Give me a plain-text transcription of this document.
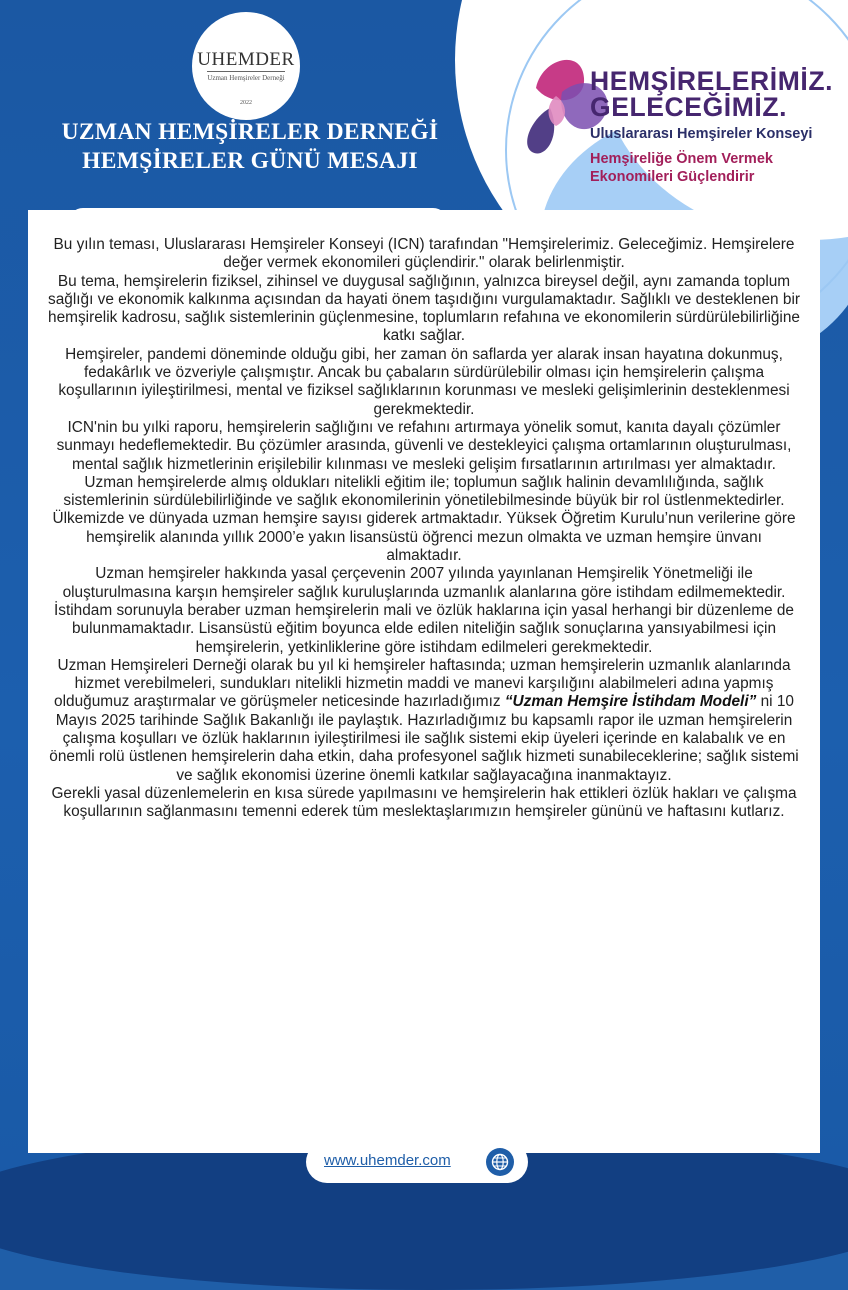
UHEMDER
Uzman Hemşireler Derneği
2022
UZMAN HEMŞİRELER DERNEĞİ
HEMŞİRELER GÜNÜ MESAJI
HEMŞİRELERİMİZ.
GELECEĞİMİZ.
Uluslararası Hemşireler Konseyi
Hemşireliğe Önem Vermek
Ekonomileri Güçlendirir

Bu yılın teması, Uluslararası Hemşireler Konseyi (ICN) tarafından "Hemşirelerimiz. Geleceğimiz. Hemşirelere değer vermek ekonomileri güçlendirir." olarak belirlenmiştir.

Bu tema, hemşirelerin fiziksel, zihinsel ve duygusal sağlığının, yalnızca bireysel değil, aynı zamanda toplum sağlığı ve ekonomik kalkınma açısından da hayati önem taşıdığını vurgulamaktadır. Sağlıklı ve desteklenen bir hemşirelik kadrosu, sağlık sistemlerinin güçlenmesine, toplumların refahına ve ekonomilerin sürdürülebilirliğine katkı sağlar.

Hemşireler, pandemi döneminde olduğu gibi, her zaman ön saflarda yer alarak insan hayatına dokunmuş, fedakârlık ve özveriyle çalışmıştır. Ancak bu çabaların sürdürülebilir olması için hemşirelerin çalışma koşullarının iyileştirilmesi, mental ve fiziksel sağlıklarının korunması ve mesleki gelişimlerinin desteklenmesi gerekmektedir.

ICN'nin bu yılki raporu, hemşirelerin sağlığını ve refahını artırmaya yönelik somut, kanıta dayalı çözümler sunmayı hedeflemektedir. Bu çözümler arasında, güvenli ve destekleyici çalışma ortamlarının oluşturulması, mental sağlık hizmetlerinin erişilebilir kılınması ve mesleki gelişim fırsatlarının artırılması yer almaktadır.

Uzman hemşirelerde almış oldukları nitelikli eğitim ile; toplumun sağlık halinin devamlılığında, sağlık sistemlerinin sürdülebilirliğinde ve sağlık ekonomilerinin yönetilebilmesinde büyük bir rol üstlenmektedirler. Ülkemizde ve dünyada uzman hemşire sayısı giderek artmaktadır. Yüksek Öğretim Kurulu’nun verilerine göre hemşirelik alanında yıllık 2000’e yakın lisansüstü öğrenci mezun olmakta ve uzman hemşire ünvanı almaktadır.

Uzman hemşireler hakkında yasal çerçevenin 2007 yılında yayınlanan Hemşirelik Yönetmeliği ile oluşturulmasına karşın hemşireler sağlık kuruluşlarında uzmanlık alanlarına göre istihdam edilmemektedir. İstihdam sorunuyla beraber uzman hemşirelerin mali ve özlük haklarına için yasal herhangi bir düzenleme de bulunmamaktadır. Lisansüstü eğitim boyunca elde edilen niteliğin sağlık sonuçlarına yansıyabilmesi için hemşirelerin, yetkinliklerine göre istihdam edilmeleri gerekmektedir.

Uzman Hemşireleri Derneği olarak bu yıl ki hemşireler haftasında; uzman hemşirelerin uzmanlık alanlarında hizmet verebilmeleri, sundukları nitelikli hizmetin maddi ve manevi karşılığını alabilmeleri adına yapmış olduğumuz araştırmalar ve görüşmeler neticesinde hazırladığımız “Uzman Hemşire İstihdam Modeli” ni 10 Mayıs 2025 tarihinde Sağlık Bakanlığı ile paylaştık. Hazırladığımız bu kapsamlı rapor ile uzman hemşirelerin çalışma koşulları ve özlük haklarının iyileştirilmesi ile sağlık sistemi ekip üyeleri içerinde en kalabalık ve en önemli rolü üstlenen hemşirelerin daha etkin, daha profesyonel sağlık hizmeti sunabileceklerine; sağlık sistemi ve sağlık ekonomisi üzerine önemli katkılar sağlayacağına inanmaktayız.

Gerekli yasal düzenlemelerin en kısa sürede yapılmasını ve hemşirelerin hak ettikleri özlük hakları ve çalışma koşullarının sağlanmasını temenni ederek tüm meslektaşlarımızın hemşireler gününü ve haftasını kutlarız.

www.uhemder.com
